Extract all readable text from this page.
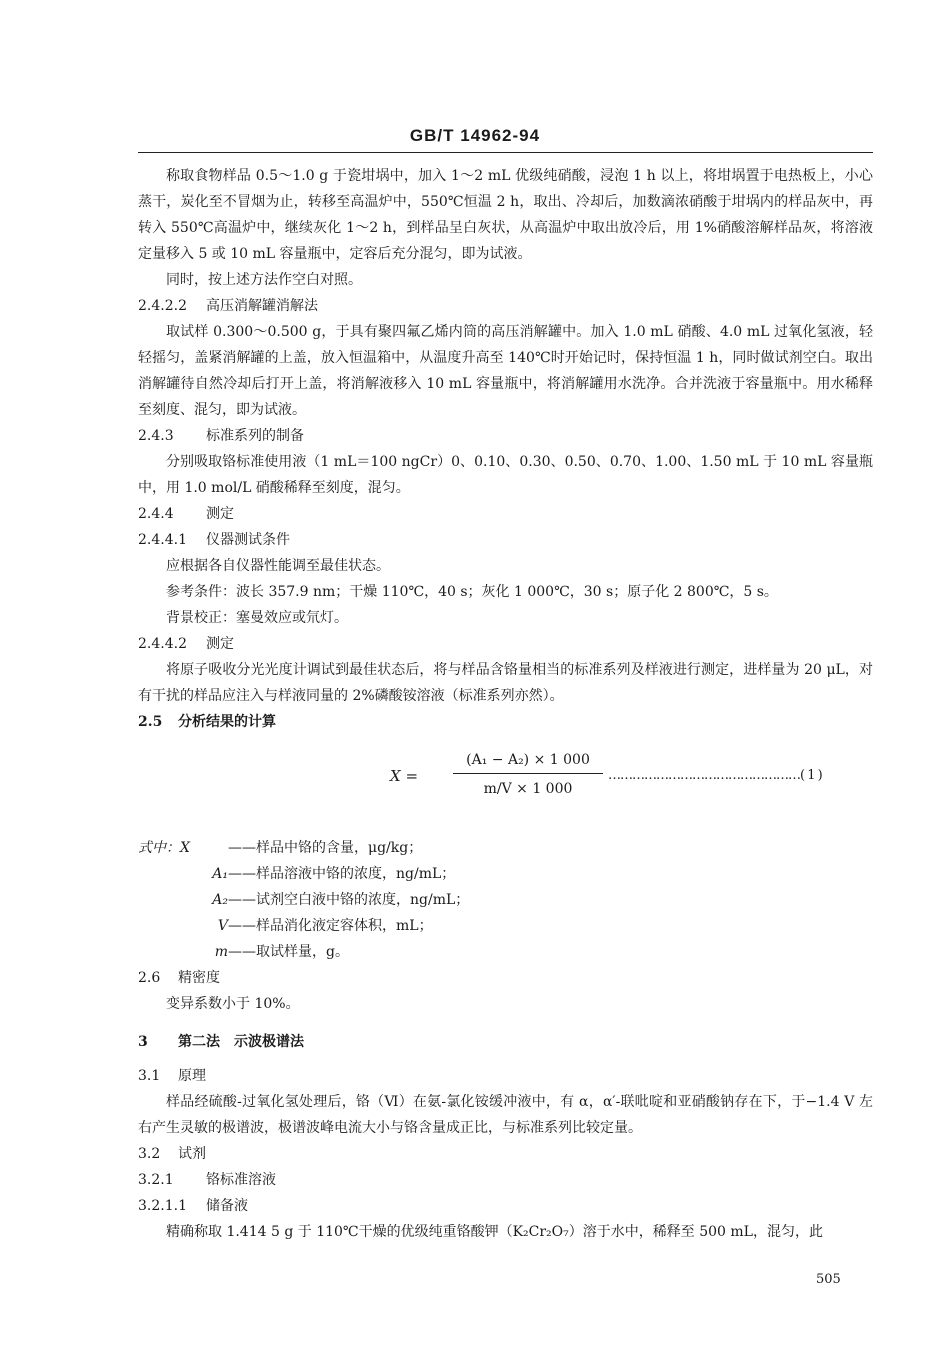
GB/T 14962-94

称取食物样品 0.5～1.0 g 于瓷坩埚中，加入 1～2 mL 优级纯硝酸，浸泡 1 h 以上，将坩埚置于电热板上，小心蒸干，炭化至不冒烟为止，转移至高温炉中，550℃恒温 2 h，取出、冷却后，加数滴浓硝酸于坩埚内的样品灰中，再转入 550℃高温炉中，继续灰化 1～2 h，到样品呈白灰状，从高温炉中取出放冷后，用 1%硝酸溶解样品灰，将溶液定量移入 5 或 10 mL 容量瓶中，定容后充分混匀，即为试液。

同时，按上述方法作空白对照。

2.4.2.2 高压消解罐消解法

取试样 0.300～0.500 g，于具有聚四氟乙烯内筒的高压消解罐中。加入 1.0 mL 硝酸、4.0 mL 过氧化氢液，轻轻摇匀，盖紧消解罐的上盖，放入恒温箱中，从温度升高至 140℃时开始记时，保持恒温 1 h，同时做试剂空白。取出消解罐待自然冷却后打开上盖，将消解液移入 10 mL 容量瓶中，将消解罐用水洗净。合并洗液于容量瓶中。用水稀释至刻度、混匀，即为试液。

2.4.3 标准系列的制备

分别吸取铬标准使用液（1 mL＝100 ngCr）0、0.10、0.30、0.50、0.70、1.00、1.50 mL 于 10 mL 容量瓶中，用 1.0 mol/L 硝酸稀释至刻度，混匀。

2.4.4 测定

2.4.4.1 仪器测试条件

应根据各自仪器性能调至最佳状态。

参考条件：波长 357.9 nm；干燥 110℃，40 s；灰化 1 000℃，30 s；原子化 2 800℃，5 s。

背景校正：塞曼效应或氘灯。

2.4.4.2 测定

将原子吸收分光光度计调试到最佳状态后，将与样品含铬量相当的标准系列及样液进行测定，进样量为 20 μL，对有干扰的样品应注入与样液同量的 2%磷酸铵溶液（标准系列亦然）。

2.5 分析结果的计算

$X = \frac{\text{(A₁ − A₂) × 1 000}}{m/V \times 1 000}$ …………………………………………( 1 )

式中：X	——样品中铬的含量，μg/kg；

A₁——样品溶液中铬的浓度，ng/mL；

A₂——试剂空白液中铬的浓度，ng/mL；

V——样品消化液定容体积，mL；

m——取试样量，g。

2.6 精密度

变异系数小于 10%。

3 第二法　示波极谱法

3.1 原理

样品经硫酸-过氧化氢处理后，铬（Ⅵ）在氨-氯化铵缓冲液中，有 α，α′-联吡啶和亚硝酸钠存在下，于−1.4 V 左右产生灵敏的极谱波，极谱波峰电流大小与铬含量成正比，与标准系列比较定量。

3.2 试剂

3.2.1 铬标准溶液

3.2.1.1 储备液

精确称取 1.414 5 g 于 110℃干燥的优级纯重铬酸钾（K₂Cr₂O₇）溶于水中，稀释至 500 mL，混匀，此

505
